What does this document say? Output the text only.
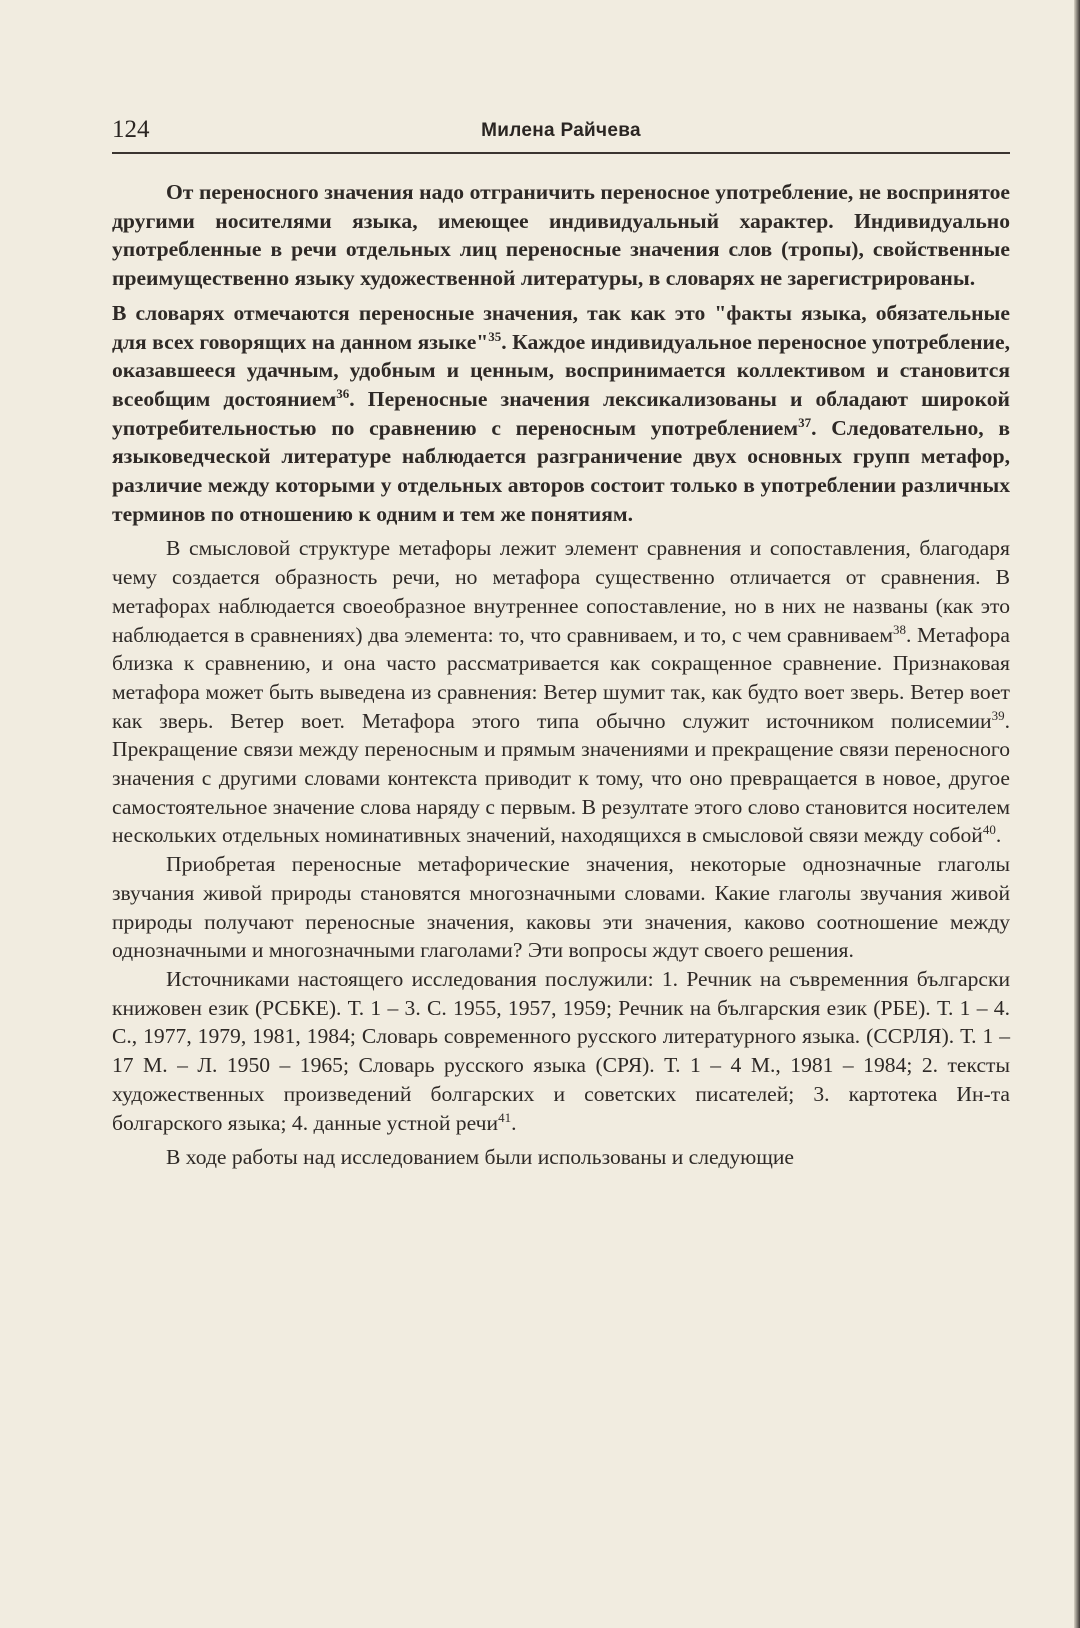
124	Милена Райчева

От переносного значения надо отграничить переносное употребление, не воспринятое другими носителями языка, имеющее индивидуальный характер. Индивидуально употребленные в речи отдельных лиц переносные значения слов (тропы), свойственные преимущественно языку художественной литературы, в словарях не зарегистрированы.

В словарях отмечаются переносные значения, так как это "факты языка, обязательные для всех говорящих на данном языке"$^{35}$. Каждое индивидуальное переносное употребление, оказавшееся удачным, удобным и ценным, воспринимается коллективом и становится всеобщим достоянием$^{36}$. Переносные значения лексикализованы и обладают широкой употребительностью по сравнению с переносным употреблением$^{37}$. Следовательно, в языковедческой литературе наблюдается разграничение двух основных групп метафор, различие между которыми у отдельных авторов состоит только в употреблении различных терминов по отношению к одним и тем же понятиям.

В смысловой структуре метафоры лежит элемент сравнения и сопоставления, благодаря чему создается образность речи, но метафора существенно отличается от сравнения. В метафорах наблюдается своеобразное внутреннее сопоставление, но в них не названы (как это наблюдается в сравнениях) два элемента: то, что сравниваем, и то, с чем сравниваем$^{38}$. Метафора близка к сравнению, и она часто рассматривается как сокращенное сравнение. Признаковая метафора может быть выведена из сравнения: Ветер шумит так, как будто воет зверь. Ветер воет как зверь. Ветер воет. Метафора этого типа обычно служит источником полисемии$^{39}$. Прекращение связи между переносным и прямым значениями и прекращение связи переносного значения с другими словами контекста приводит к тому, что оно превращается в новое, другое самостоятельное значение слова наряду с первым. В резултате этого слово становится носителем нескольких отдельных номинативных значений, находящихся в смысловой связи между собой$^{40}$.

Приобретая переносные метафорические значения, некоторые однозначные глаголы звучания живой природы становятся многозначными словами. Какие глаголы звучания живой природы получают переносные значения, каковы эти значения, каково соотношение между однозначными и многозначными глаголами? Эти вопросы ждут своего решения.

Источниками настоящего исследования послужили: 1. Речник на съвременния български книжовен език (РСБКЕ). Т. 1 – 3. С. 1955, 1957, 1959; Речник на българския език (РБЕ). Т. 1 – 4. С., 1977, 1979, 1981, 1984; Словарь современного русского литературного языка. (ССРЛЯ). Т. 1 – 17 М. – Л. 1950 – 1965; Словарь русского языка (СРЯ). Т. 1 – 4 М., 1981 – 1984; 2. тексты художественных произведений болгарских и советских писателей; 3. картотека Ин-та болгарского языка; 4. данные устной речи$^{41}$.

В ходе работы над исследованием были использованы и следующие
